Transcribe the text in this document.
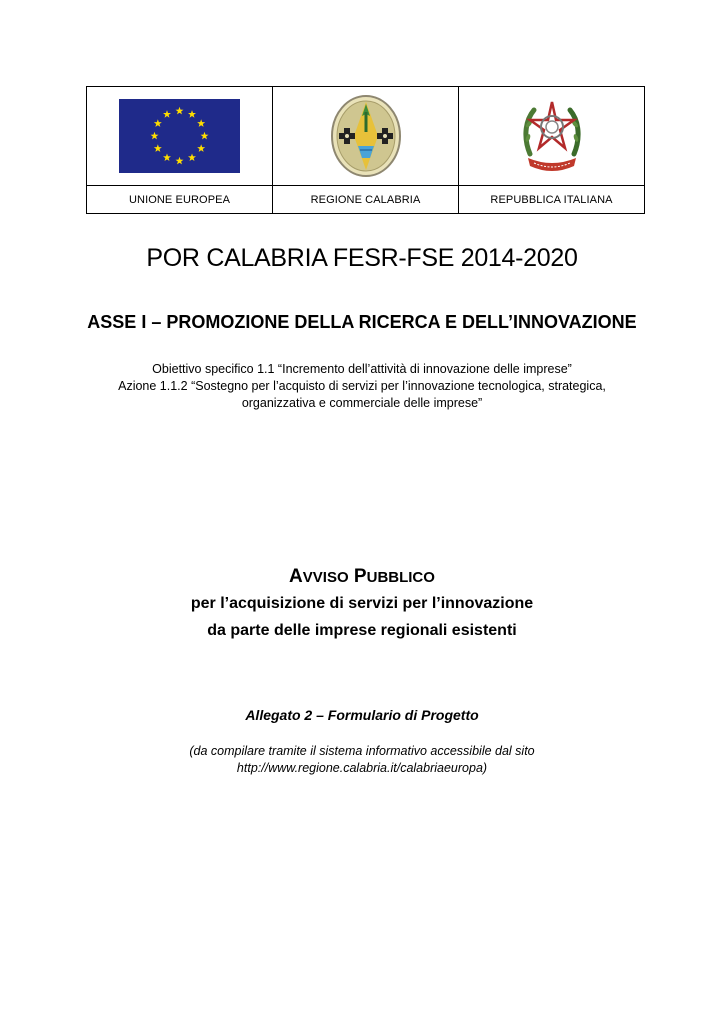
UNIONE EUROPEA	REGIONE CALABRIA	REPUBBLICA ITALIANA
POR CALABRIA FESR-FSE 2014-2020
ASSE I – PROMOZIONE DELLA RICERCA E DELL’INNOVAZIONE
Obiettivo specifico 1.1 “Incremento dell’attività di innovazione delle imprese”
Azione 1.1.2 “Sostegno per l’acquisto di servizi per l’innovazione tecnologica, strategica,
organizzativa e commerciale delle imprese”
AVVISO PUBBLICO
per l’acquisizione di servizi per l’innovazione
da parte delle imprese regionali esistenti
Allegato 2 – Formulario di Progetto
(da compilare tramite il sistema informativo accessibile dal sito
http://www.regione.calabria.it/calabriaeuropa)
